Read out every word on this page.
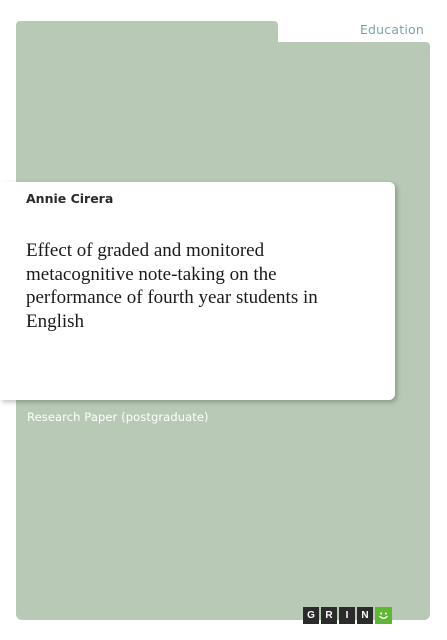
Education
Annie Cirera
Effect of graded and monitored metacognitive note-taking on the performance of fourth year students in English
Research Paper (postgraduate)
G	R	I	N
